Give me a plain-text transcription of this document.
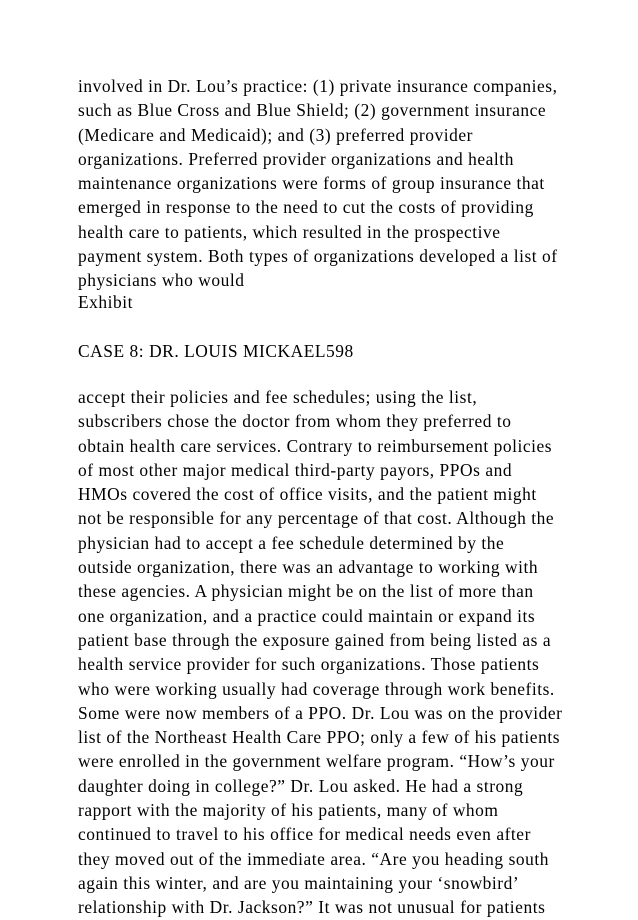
involved in Dr. Lou’s practice: (1) private insurance companies,
such as Blue Cross and Blue Shield; (2) government insurance
(Medicare and Medicaid); and (3) preferred provider
organizations. Preferred provider organizations and health
maintenance organizations were forms of group insurance that
emerged in response to the need to cut the costs of providing
health care to patients, which resulted in the prospective
payment system. Both types of organizations developed a list of
physicians who would
Exhibit
CASE 8: DR. LOUIS MICKAEL598
accept their policies and fee schedules; using the list,
subscribers chose the doctor from whom they preferred to
obtain health care services. Contrary to reimbursement policies
of most other major medical third-party payors, PPOs and
HMOs covered the cost of office visits, and the patient might
not be responsible for any percentage of that cost. Although the
physician had to accept a fee schedule determined by the
outside organization, there was an advantage to working with
these agencies. A physician might be on the list of more than
one organization, and a practice could maintain or expand its
patient base through the exposure gained from being listed as a
health service provider for such organizations. Those patients
who were working usually had coverage through work benefits.
Some were now members of a PPO. Dr. Lou was on the provider
list of the Northeast Health Care PPO; only a few of his patients
were enrolled in the government welfare program. “How’s your
daughter doing in college?” Dr. Lou asked. He had a strong
rapport with the majority of his patients, many of whom
continued to travel to his office for medical needs even after
they moved out of the immediate area. “Are you heading south
again this winter, and are you maintaining your ‘snowbird’
relationship with Dr. Jackson?” It was not unusual for patients
